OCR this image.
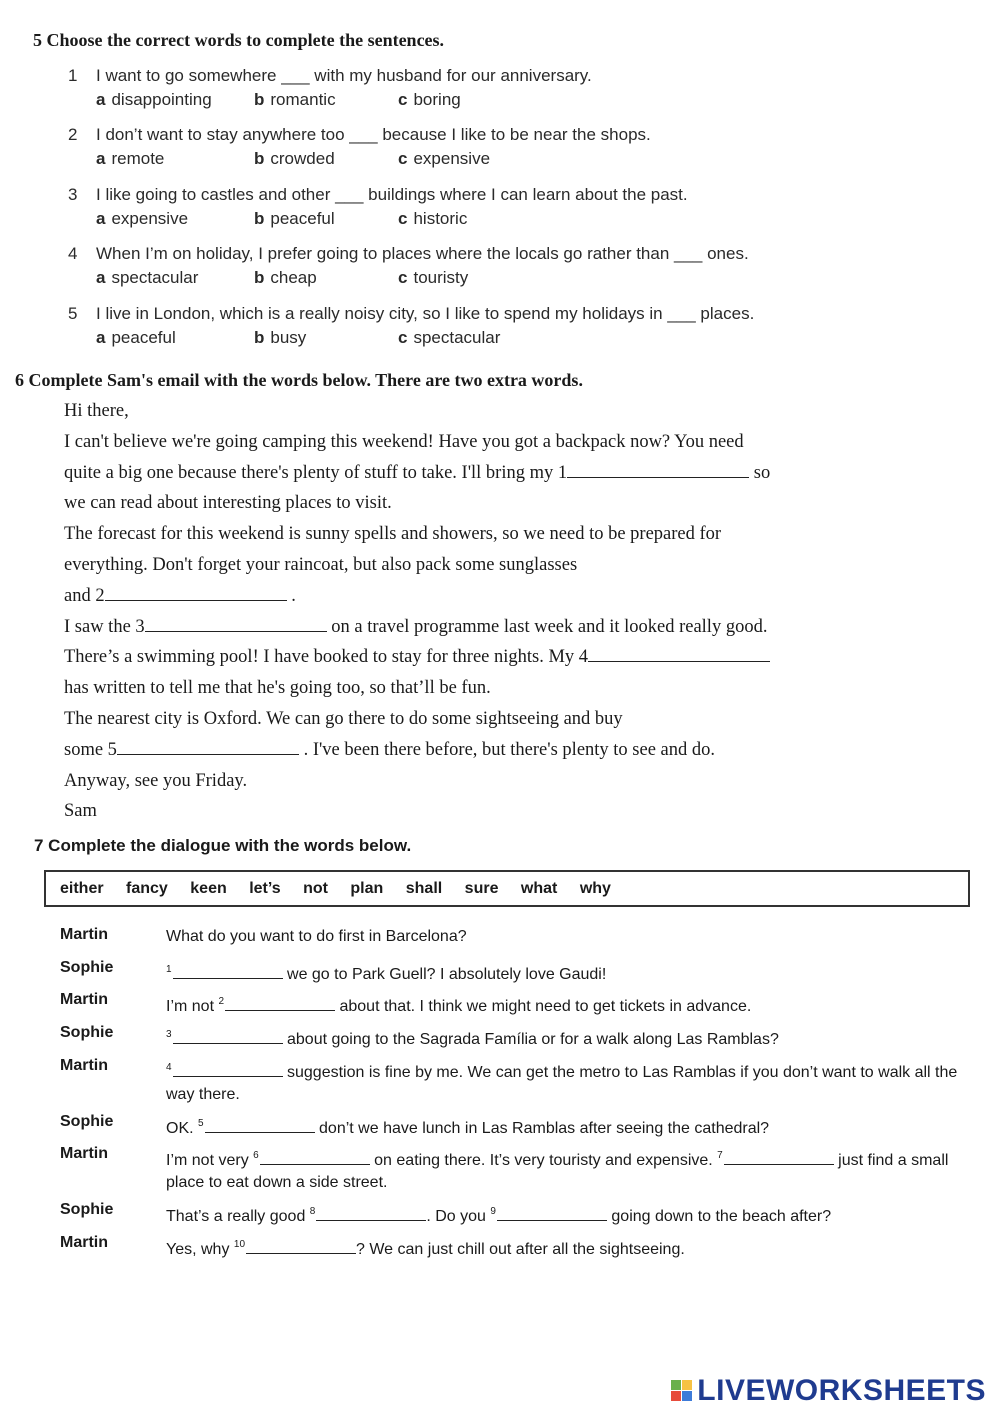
5 Choose the correct words to complete the sentences.
1 I want to go somewhere ___ with my husband for our anniversary.
a disappointing b romantic	c boring
2 I don’t want to stay anywhere too ___ because I like to be near the shops.
a remote	b crowded	c expensive
3 I like going to castles and other ___ buildings where I can learn about the past.
a expensive	b peaceful	c historic
4 When I’m on holiday, I prefer going to places where the locals go rather than ___ ones.
a spectacular	b cheap	c touristy
5 I live in London, which is a really noisy city, so I like to spend my holidays in ___ places.
a peaceful	b busy	c spectacular
6 Complete Sam's email with the words below. There are two extra words.
Hi there,
I can't believe we're going camping this weekend! Have you got a backpack now? You need
quite a big one because there's plenty of stuff to take. I'll bring my 1	so
we can read about interesting places to visit.
The forecast for this weekend is sunny spells and showers, so we need to be prepared for
everything. Don't forget your raincoat, but also pack some sunglasses
and 2	.
I saw the 3	on a travel programme last week and it looked really good.
There’s a swimming pool! I have booked to stay for three nights. My 4
has written to tell me that he's going too, so that’ll be fun.
The nearest city is Oxford. We can go there to do some sightseeing and buy
some 5	. I've been there before, but there's plenty to see and do.
Anyway, see you Friday.
Sam
7 Complete the dialogue with the words below.
either fancy keen let’s not plan shall sure what why
Martin	What do you want to do first in Barcelona?
Sophie	$^1$	we go to Park Guell? I absolutely love Gaudi!
Martin	I’m not $^2$	about that. I think we might need to get tickets in advance.
Sophie	$^3$	about going to the Sagrada Família or for a walk along Las Ramblas?
Martin	$^4$	suggestion is fine by me. We can get the metro to Las Ramblas if you don’t want to walk all the way there.
Sophie	OK. $^5$	don’t we have lunch in Las Ramblas after seeing the cathedral?
Martin	I’m not very $^6$	on eating there. It’s very touristy and expensive. $^7$	just find a small place to eat down a side street.
Sophie	That’s a really good $^8$	. Do you $^9$	going down to the beach after?
Martin	Yes, why $^{10}$	? We can just chill out after all the sightseeing.
LIVEWORKSHEETS
